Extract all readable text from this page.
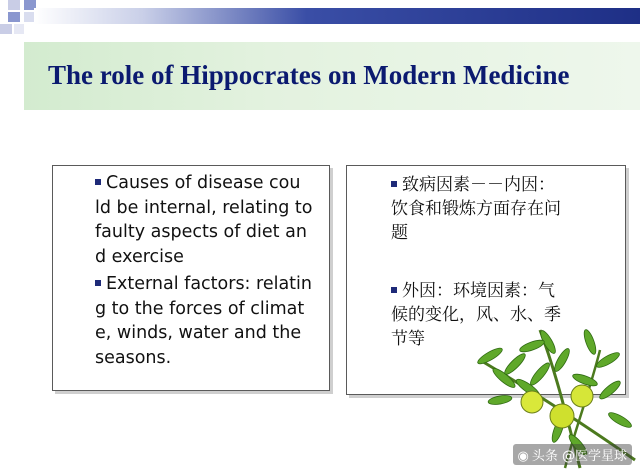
The role of Hippocrates on Modern Medicine
Causes of disease cou
ld be internal, relating to
faulty aspects of diet an
d exercise
External factors: relatin
g to the forces of climat
e, winds, water and the
seasons.
致病因素－－内因：
饮食和锻炼方面存在问
题
外因：环境因素：气
候的变化，风、水、季
节等
◉ 头条 @医学星球
